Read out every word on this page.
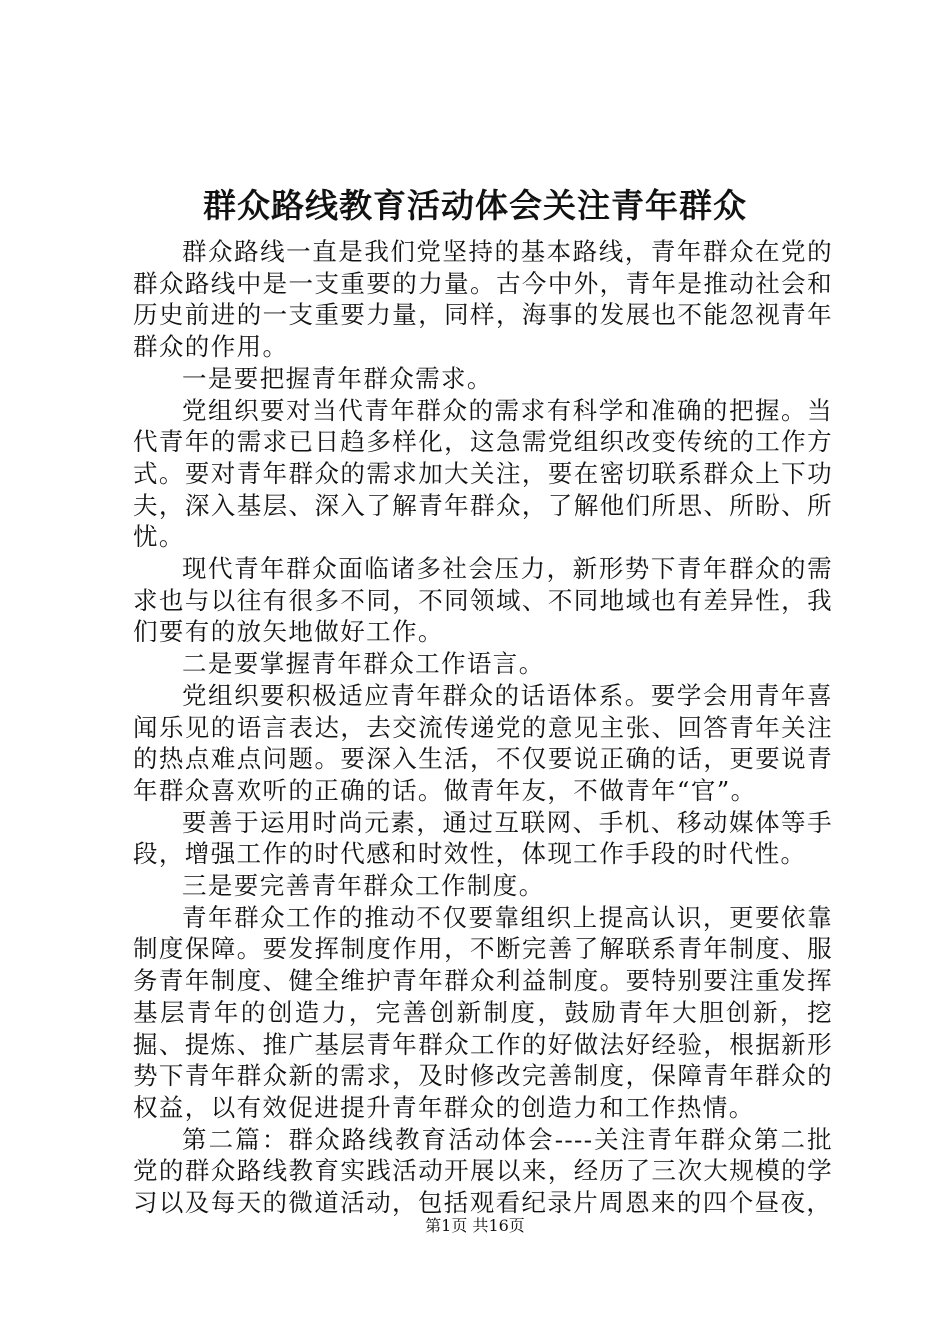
群众路线教育活动体会关注青年群众

群众路线一直是我们党坚持的基本路线，青年群众在党的群众路线中是一支重要的力量。古今中外，青年是推动社会和历史前进的一支重要力量，同样，海事的发展也不能忽视青年群众的作用。

一是要把握青年群众需求。

党组织要对当代青年群众的需求有科学和准确的把握。当代青年的需求已日趋多样化，这急需党组织改变传统的工作方式。要对青年群众的需求加大关注，要在密切联系群众上下功夫，深入基层、深入了解青年群众，了解他们所思、所盼、所忧。

现代青年群众面临诸多社会压力，新形势下青年群众的需求也与以往有很多不同，不同领域、不同地域也有差异性，我们要有的放矢地做好工作。

二是要掌握青年群众工作语言。

党组织要积极适应青年群众的话语体系。要学会用青年喜闻乐见的语言表达，去交流传递党的意见主张、回答青年关注的热点难点问题。要深入生活，不仅要说正确的话，更要说青年群众喜欢听的正确的话。做青年友，不做青年“官”。

要善于运用时尚元素，通过互联网、手机、移动媒体等手段，增强工作的时代感和时效性，体现工作手段的时代性。

三是要完善青年群众工作制度。

青年群众工作的推动不仅要靠组织上提高认识，更要依靠制度保障。要发挥制度作用，不断完善了解联系青年制度、服务青年制度、健全维护青年群众利益制度。要特别要注重发挥基层青年的创造力，完善创新制度，鼓励青年大胆创新，挖掘、提炼、推广基层青年群众工作的好做法好经验，根据新形势下青年群众新的需求，及时修改完善制度，保障青年群众的权益，以有效促进提升青年群众的创造力和工作热情。

第二篇：群众路线教育活动体会----关注青年群众第二批党的群众路线教育实践活动开展以来，经历了三次大规模的学习以及每天的微道活动，包括观看纪录片周恩来的四个昼夜，

第1页 共16页
